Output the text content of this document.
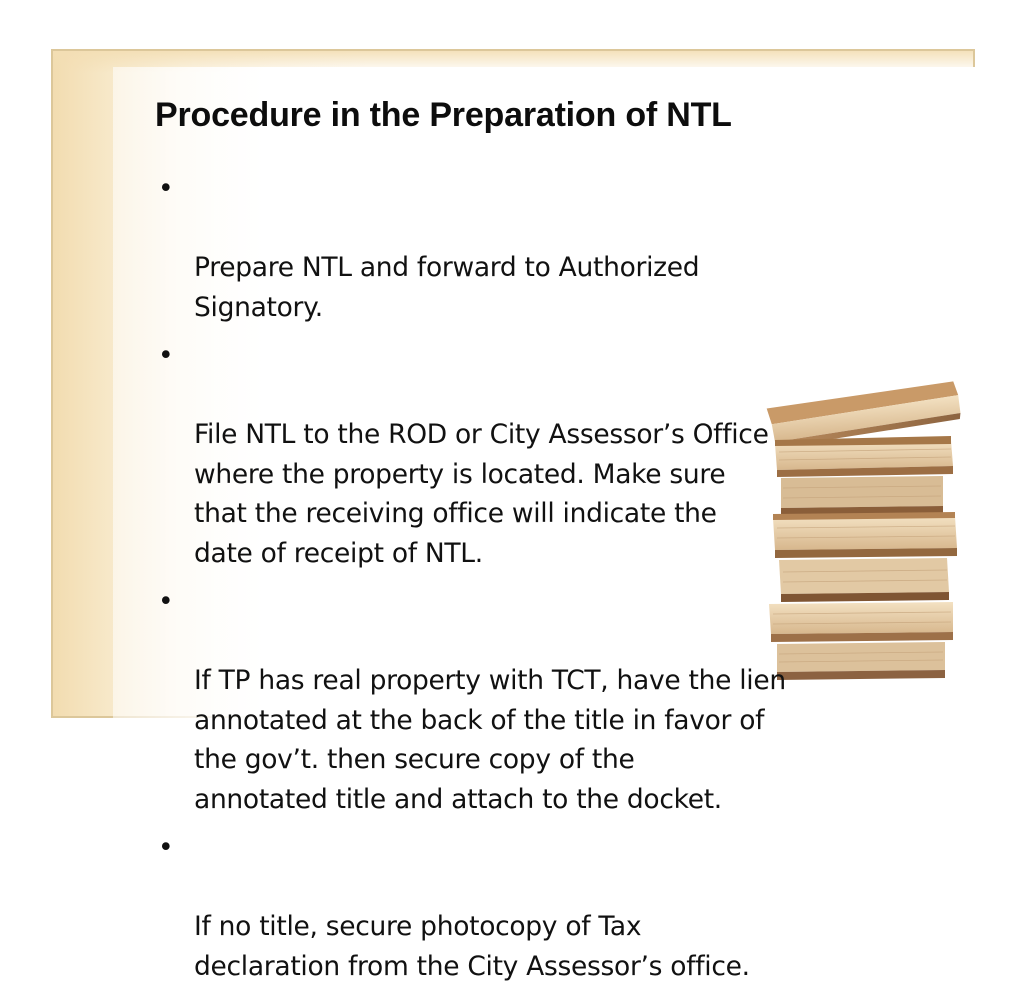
Procedure in the Preparation of NTL

•

Prepare NTL and forward to Authorized
Signatory.

•

File NTL to the ROD or City Assessor’s Office
where the property is located. Make sure
that the receiving office will indicate the
date of receipt of NTL.

•

If TP has real property with TCT, have the lien
annotated at the back of the title in favor of
the gov’t. then secure copy of the
annotated title and attach to the docket.

•

If no title, secure photocopy of Tax
declaration from the City Assessor’s office.
